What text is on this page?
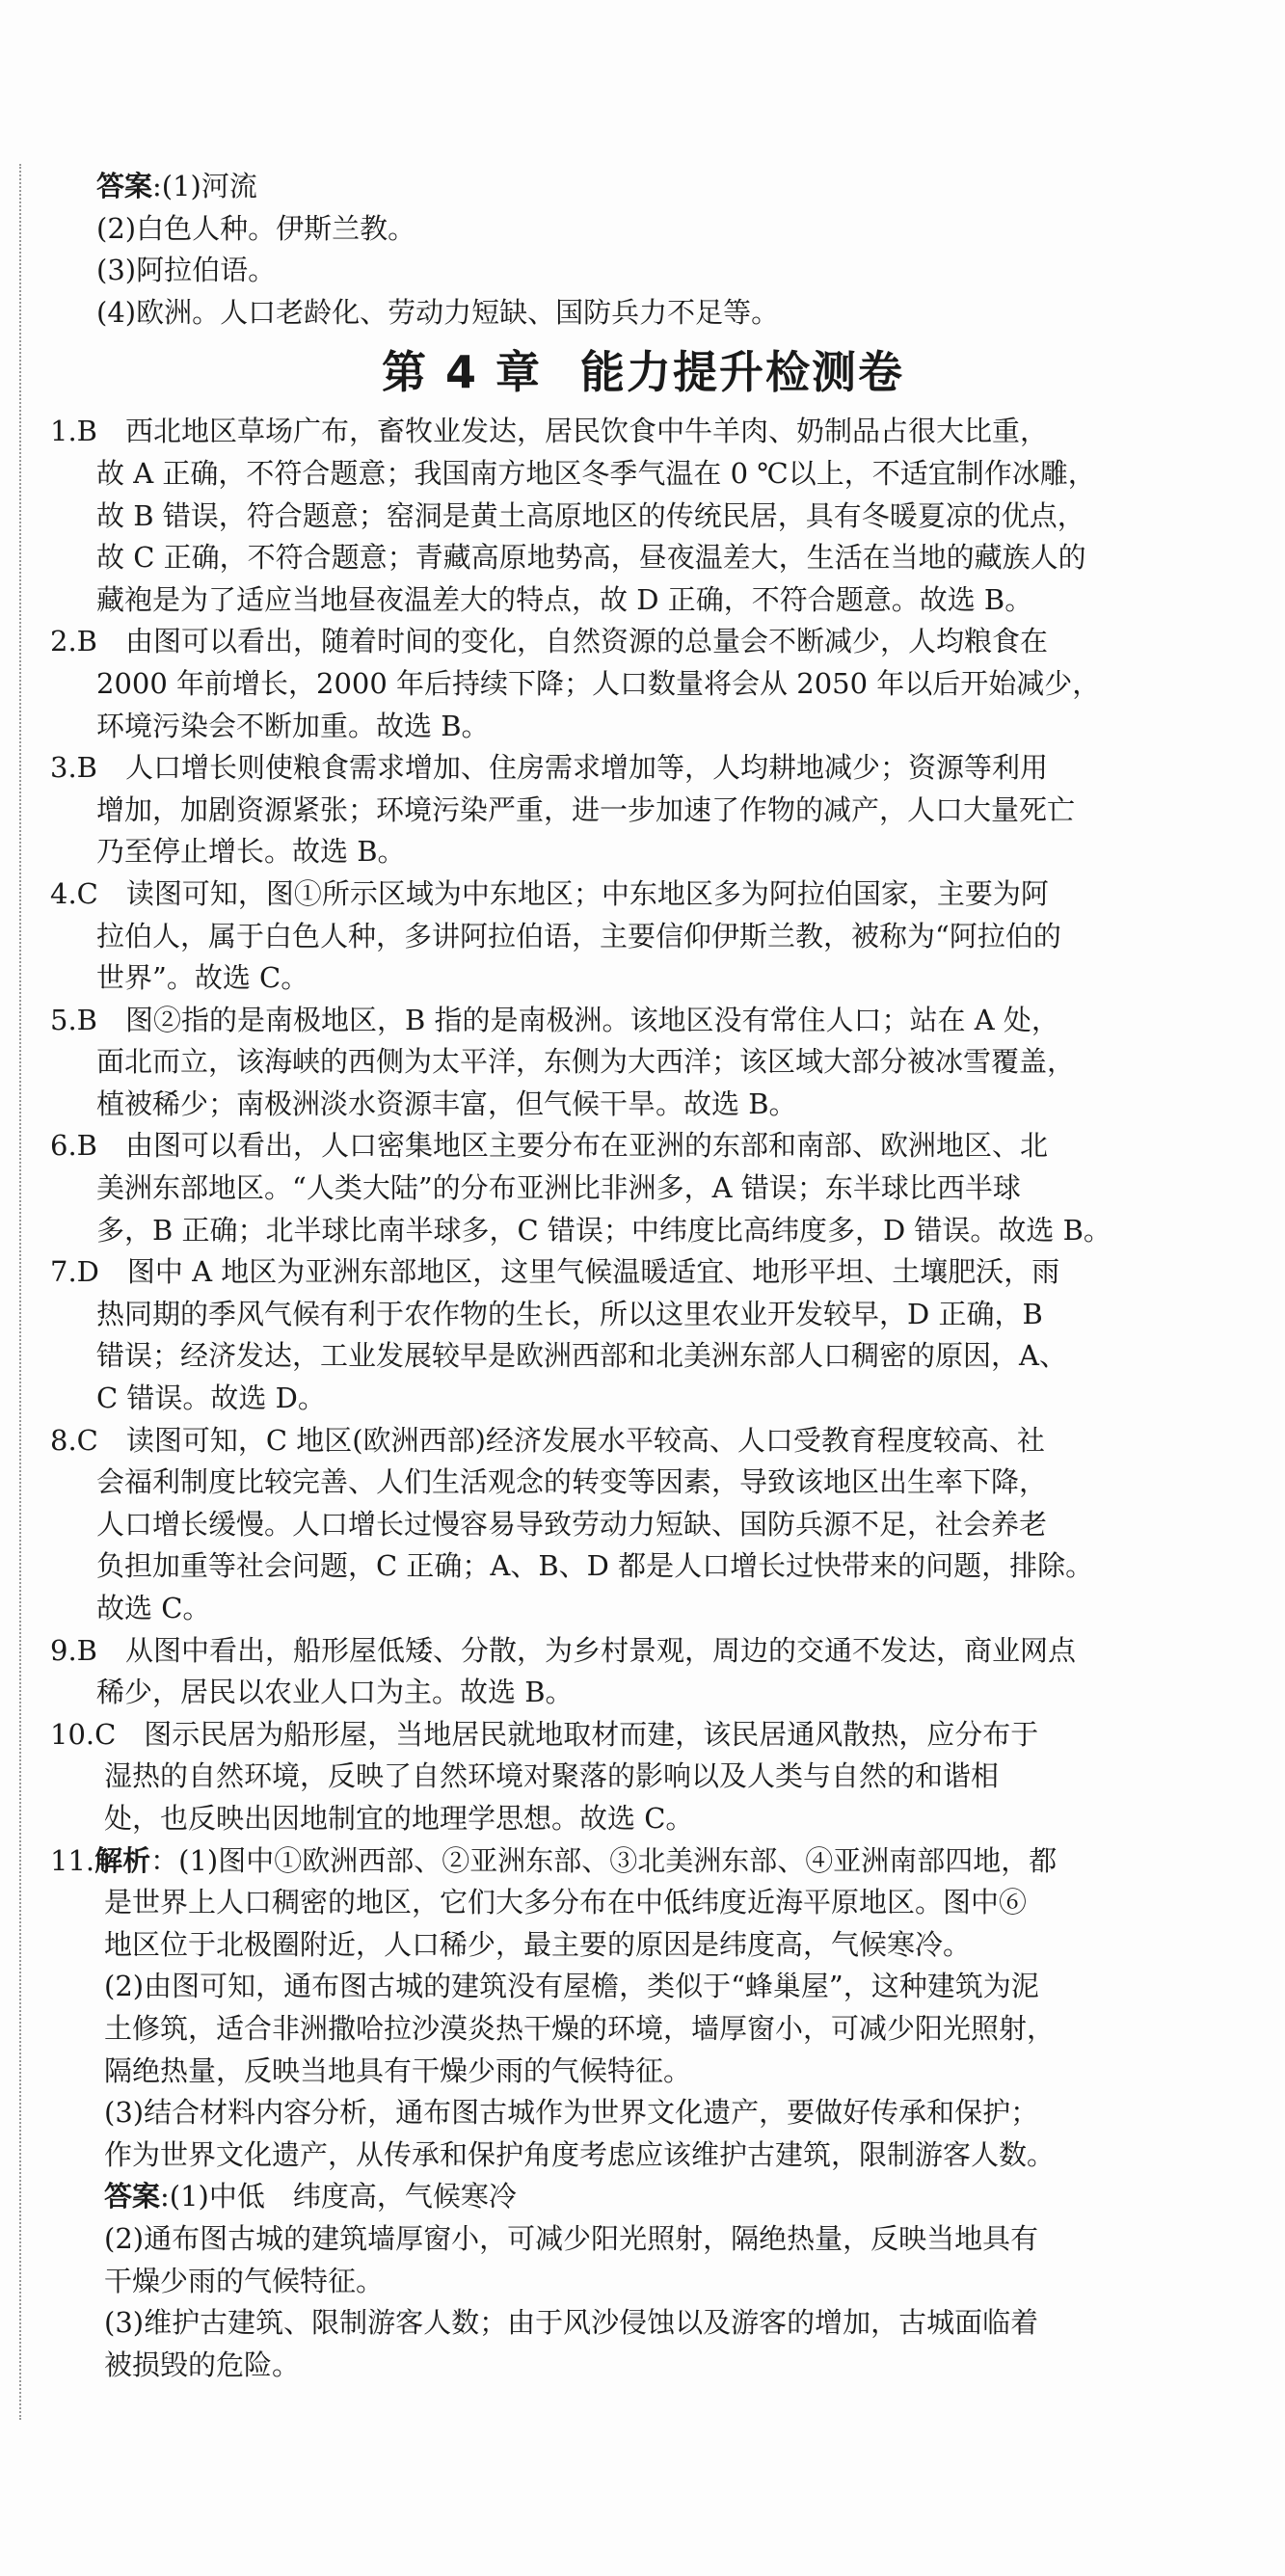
答案:(1)河流
(2)白色人种。伊斯兰教。
(3)阿拉伯语。
(4)欧洲。人口老龄化、劳动力短缺、国防兵力不足等。
第 4 章 能力提升检测卷
1.B　西北地区草场广布，畜牧业发达，居民饮食中牛羊肉、奶制品占很大比重，
故 A 正确，不符合题意；我国南方地区冬季气温在 0 ℃以上，不适宜制作冰雕，
故 B 错误，符合题意；窑洞是黄土高原地区的传统民居，具有冬暖夏凉的优点，
故 C 正确，不符合题意；青藏高原地势高，昼夜温差大，生活在当地的藏族人的
藏袍是为了适应当地昼夜温差大的特点，故 D 正确，不符合题意。故选 B。
2.B　由图可以看出，随着时间的变化，自然资源的总量会不断减少，人均粮食在
2000 年前增长，2000 年后持续下降；人口数量将会从 2050 年以后开始减少，
环境污染会不断加重。故选 B。
3.B　人口增长则使粮食需求增加、住房需求增加等，人均耕地减少；资源等利用
增加，加剧资源紧张；环境污染严重，进一步加速了作物的减产，人口大量死亡
乃至停止增长。故选 B。
4.C　读图可知，图①所示区域为中东地区；中东地区多为阿拉伯国家，主要为阿
拉伯人，属于白色人种，多讲阿拉伯语，主要信仰伊斯兰教，被称为“阿拉伯的
世界”。故选 C。
5.B　图②指的是南极地区，B 指的是南极洲。该地区没有常住人口；站在 A 处，
面北而立，该海峡的西侧为太平洋，东侧为大西洋；该区域大部分被冰雪覆盖，
植被稀少；南极洲淡水资源丰富，但气候干旱。故选 B。
6.B　由图可以看出，人口密集地区主要分布在亚洲的东部和南部、欧洲地区、北
美洲东部地区。“人类大陆”的分布亚洲比非洲多，A 错误；东半球比西半球
多，B 正确；北半球比南半球多，C 错误；中纬度比高纬度多，D 错误。故选 B。
7.D　图中 A 地区为亚洲东部地区，这里气候温暖适宜、地形平坦、土壤肥沃，雨
热同期的季风气候有利于农作物的生长，所以这里农业开发较早，D 正确，B
错误；经济发达，工业发展较早是欧洲西部和北美洲东部人口稠密的原因，A、
C 错误。故选 D。
8.C　读图可知，C 地区(欧洲西部)经济发展水平较高、人口受教育程度较高、社
会福利制度比较完善、人们生活观念的转变等因素，导致该地区出生率下降，
人口增长缓慢。人口增长过慢容易导致劳动力短缺、国防兵源不足，社会养老
负担加重等社会问题，C 正确；A、B、D 都是人口增长过快带来的问题，排除。
故选 C。
9.B　从图中看出，船形屋低矮、分散，为乡村景观，周边的交通不发达，商业网点
稀少，居民以农业人口为主。故选 B。
10.C　图示民居为船形屋，当地居民就地取材而建，该民居通风散热，应分布于
湿热的自然环境，反映了自然环境对聚落的影响以及人类与自然的和谐相
处，也反映出因地制宜的地理学思想。故选 C。
11.解析：(1)图中①欧洲西部、②亚洲东部、③北美洲东部、④亚洲南部四地，都
是世界上人口稠密的地区，它们大多分布在中低纬度近海平原地区。图中⑥
地区位于北极圈附近，人口稀少，最主要的原因是纬度高，气候寒冷。
(2)由图可知，通布图古城的建筑没有屋檐，类似于“蜂巢屋”，这种建筑为泥
土修筑，适合非洲撒哈拉沙漠炎热干燥的环境，墙厚窗小，可减少阳光照射，
隔绝热量，反映当地具有干燥少雨的气候特征。
(3)结合材料内容分析，通布图古城作为世界文化遗产，要做好传承和保护；
作为世界文化遗产，从传承和保护角度考虑应该维护古建筑，限制游客人数。
答案:(1)中低　纬度高，气候寒冷
(2)通布图古城的建筑墙厚窗小，可减少阳光照射，隔绝热量，反映当地具有
干燥少雨的气候特征。
(3)维护古建筑、限制游客人数；由于风沙侵蚀以及游客的增加，古城面临着
被损毁的危险。
